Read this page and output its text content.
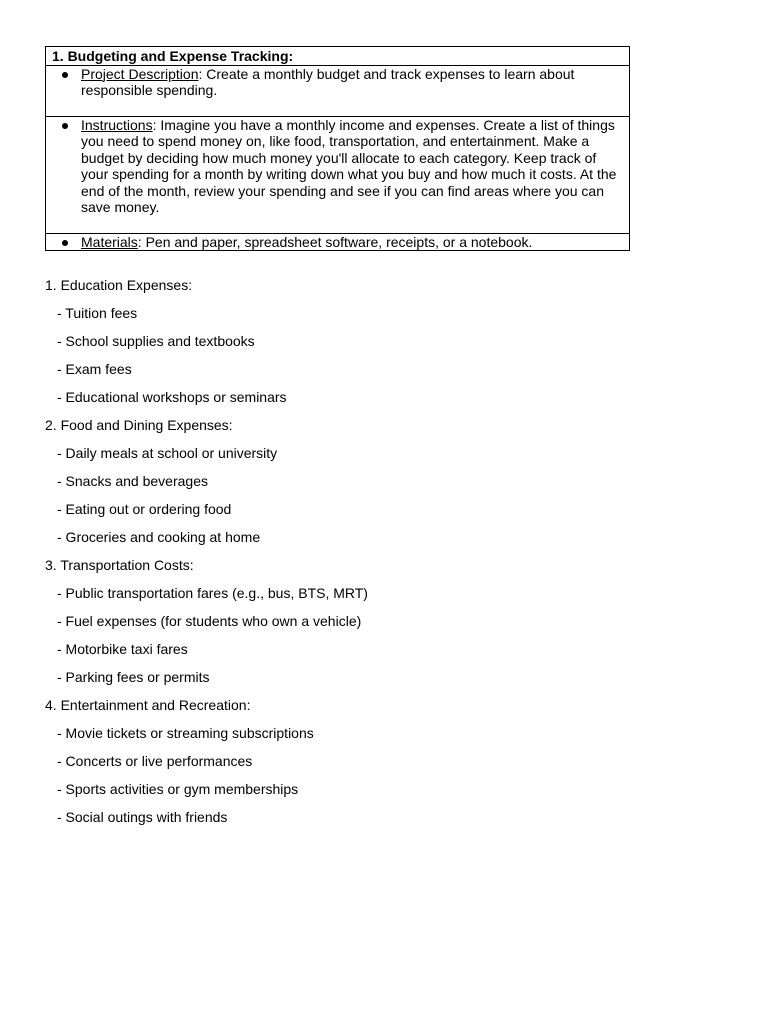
1. Budgeting and Expense Tracking:

Project Description: Create a monthly budget and track expenses to learn about responsible spending.

Instructions: Imagine you have a monthly income and expenses. Create a list of things you need to spend money on, like food, transportation, and entertainment. Make a budget by deciding how much money you'll allocate to each category. Keep track of your spending for a month by writing down what you buy and how much it costs. At the end of the month, review your spending and see if you can find areas where you can save money.

Materials: Pen and paper, spreadsheet software, receipts, or a notebook.
1. Education Expenses:
- Tuition fees
- School supplies and textbooks
- Exam fees
- Educational workshops or seminars
2. Food and Dining Expenses:
- Daily meals at school or university
- Snacks and beverages
- Eating out or ordering food
- Groceries and cooking at home
3. Transportation Costs:
- Public transportation fares (e.g., bus, BTS, MRT)
- Fuel expenses (for students who own a vehicle)
- Motorbike taxi fares
- Parking fees or permits
4. Entertainment and Recreation:
- Movie tickets or streaming subscriptions
- Concerts or live performances
- Sports activities or gym memberships
- Social outings with friends
